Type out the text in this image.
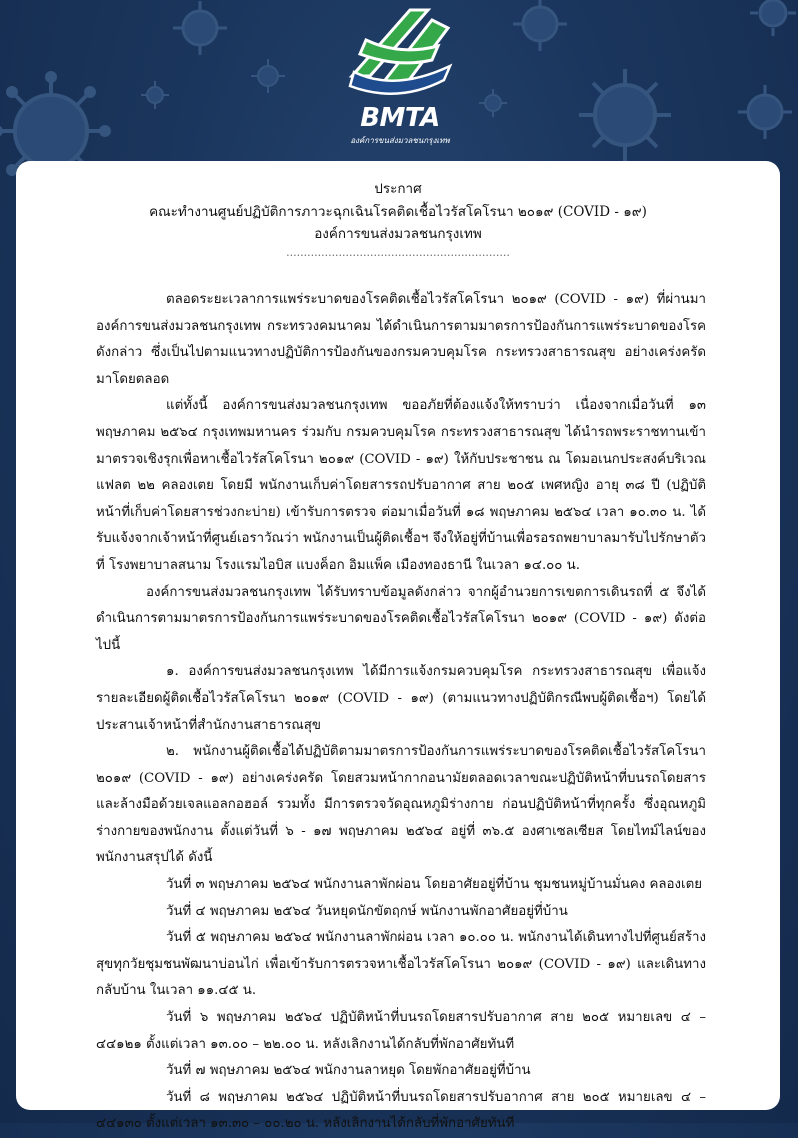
BMTA
องค์การขนส่งมวลชนกรุงเทพ
ประกาศ
คณะทำงานศูนย์ปฏิบัติการภาวะฉุกเฉินโรคติดเชื้อไวรัสโคโรนา ๒๐๑๙ (COVID - ๑๙)
องค์การขนส่งมวลชนกรุงเทพ
................................................................

ตลอดระยะเวลาการแพร่ระบาดของโรคติดเชื้อไวรัสโคโรนา ๒๐๑๙ (COVID - ๑๙) ที่ผ่านมาองค์การขนส่งมวลชนกรุงเทพ กระทรวงคมนาคม ได้ดำเนินการตามมาตรการป้องกันการแพร่ระบาดของโรคดังกล่าว ซึ่งเป็นไปตามแนวทางปฏิบัติการป้องกันของกรมควบคุมโรค กระทรวงสาธารณสุข อย่างเคร่งครัดมาโดยตลอด

แต่ทั้งนี้ องค์การขนส่งมวลชนกรุงเทพ ขออภัยที่ต้องแจ้งให้ทราบว่า เนื่องจากเมื่อวันที่ ๑๓ พฤษภาคม ๒๕๖๔ กรุงเทพมหานคร ร่วมกับ กรมควบคุมโรค กระทรวงสาธารณสุข ได้นำรถพระราชทานเข้ามาตรวจเชิงรุกเพื่อหาเชื้อไวรัสโคโรนา ๒๐๑๙ (COVID - ๑๙) ให้กับประชาชน ณ โดมอเนกประสงค์บริเวณแฟลต ๒๒ คลองเตย โดยมี พนักงานเก็บค่าโดยสารรถปรับอากาศ สาย ๒๐๕ เพศหญิง อายุ ๓๘ ปี (ปฏิบัติหน้าที่เก็บค่าโดยสารช่วงกะบ่าย) เข้ารับการตรวจ ต่อมาเมื่อวันที่ ๑๘ พฤษภาคม ๒๕๖๔ เวลา ๑๐.๓๐ น. ได้รับแจ้งจากเจ้าหน้าที่ศูนย์เอราวัณว่า พนักงานเป็นผู้ติดเชื้อฯ จึงให้อยู่ที่บ้านเพื่อรอรถพยาบาลมารับไปรักษาตัวที่ โรงพยาบาลสนาม โรงแรมไอบิส แบงค็อก อิมแพ็ค เมืองทองธานี ในเวลา ๑๔.๐๐ น.

องค์การขนส่งมวลชนกรุงเทพ ได้รับทราบข้อมูลดังกล่าว จากผู้อำนวยการเขตการเดินรถที่ ๕ จึงได้ดำเนินการตามมาตรการป้องกันการแพร่ระบาดของโรคติดเชื้อไวรัสโคโรนา ๒๐๑๙ (COVID - ๑๙) ดังต่อไปนี้

๑. องค์การขนส่งมวลชนกรุงเทพ ได้มีการแจ้งกรมควบคุมโรค กระทรวงสาธารณสุข เพื่อแจ้งรายละเอียดผู้ติดเชื้อไวรัสโคโรนา ๒๐๑๙ (COVID - ๑๙) (ตามแนวทางปฏิบัติกรณีพบผู้ติดเชื้อฯ) โดยได้ประสานเจ้าหน้าที่สำนักงานสาธารณสุข

๒. พนักงานผู้ติดเชื้อได้ปฏิบัติตามมาตรการป้องกันการแพร่ระบาดของโรคติดเชื้อไวรัสโคโรนา ๒๐๑๙ (COVID - ๑๙) อย่างเคร่งครัด โดยสวมหน้ากากอนามัยตลอดเวลาขณะปฏิบัติหน้าที่บนรถโดยสาร และล้างมือด้วยเจลแอลกอฮอล์ รวมทั้ง มีการตรวจวัดอุณหภูมิร่างกาย ก่อนปฏิบัติหน้าที่ทุกครั้ง ซึ่งอุณหภูมิร่างกายของพนักงาน ตั้งแต่วันที่ ๖ - ๑๗ พฤษภาคม ๒๕๖๔ อยู่ที่ ๓๖.๕ องศาเซลเซียส โดยไทม์ไลน์ของพนักงานสรุปได้ ดังนี้

วันที่ ๓ พฤษภาคม ๒๕๖๔ พนักงานลาพักผ่อน โดยอาศัยอยู่ที่บ้าน ชุมชนหมู่บ้านมั่นคง คลองเตย

วันที่ ๔ พฤษภาคม ๒๕๖๔ วันหยุดนักขัตฤกษ์ พนักงานพักอาศัยอยู่ที่บ้าน

วันที่ ๕ พฤษภาคม ๒๕๖๔ พนักงานลาพักผ่อน เวลา ๑๐.๐๐ น. พนักงานได้เดินทางไปที่ศูนย์สร้างสุขทุกวัยชุมชนพัฒนาบ่อนไก่ เพื่อเข้ารับการตรวจหาเชื้อไวรัสโคโรนา ๒๐๑๙ (COVID - ๑๙) และเดินทางกลับบ้าน ในเวลา ๑๑.๔๕ น.

วันที่ ๖ พฤษภาคม ๒๕๖๔ ปฏิบัติหน้าที่บนรถโดยสารปรับอากาศ สาย ๒๐๕ หมายเลข ๔ – ๔๔๑๒๑ ตั้งแต่เวลา ๑๓.๐๐ – ๒๒.๐๐ น. หลังเลิกงานได้กลับที่พักอาศัยทันที

วันที่ ๗ พฤษภาคม ๒๕๖๔ พนักงานลาหยุด โดยพักอาศัยอยู่ที่บ้าน

วันที่ ๘ พฤษภาคม ๒๕๖๔ ปฏิบัติหน้าที่บนรถโดยสารปรับอากาศ สาย ๒๐๕ หมายเลข ๔ – ๔๔๑๓๐ ตั้งแต่เวลา ๑๓.๓๐ – ๐๐.๒๐ น. หลังเลิกงานได้กลับที่พักอาศัยทันที
